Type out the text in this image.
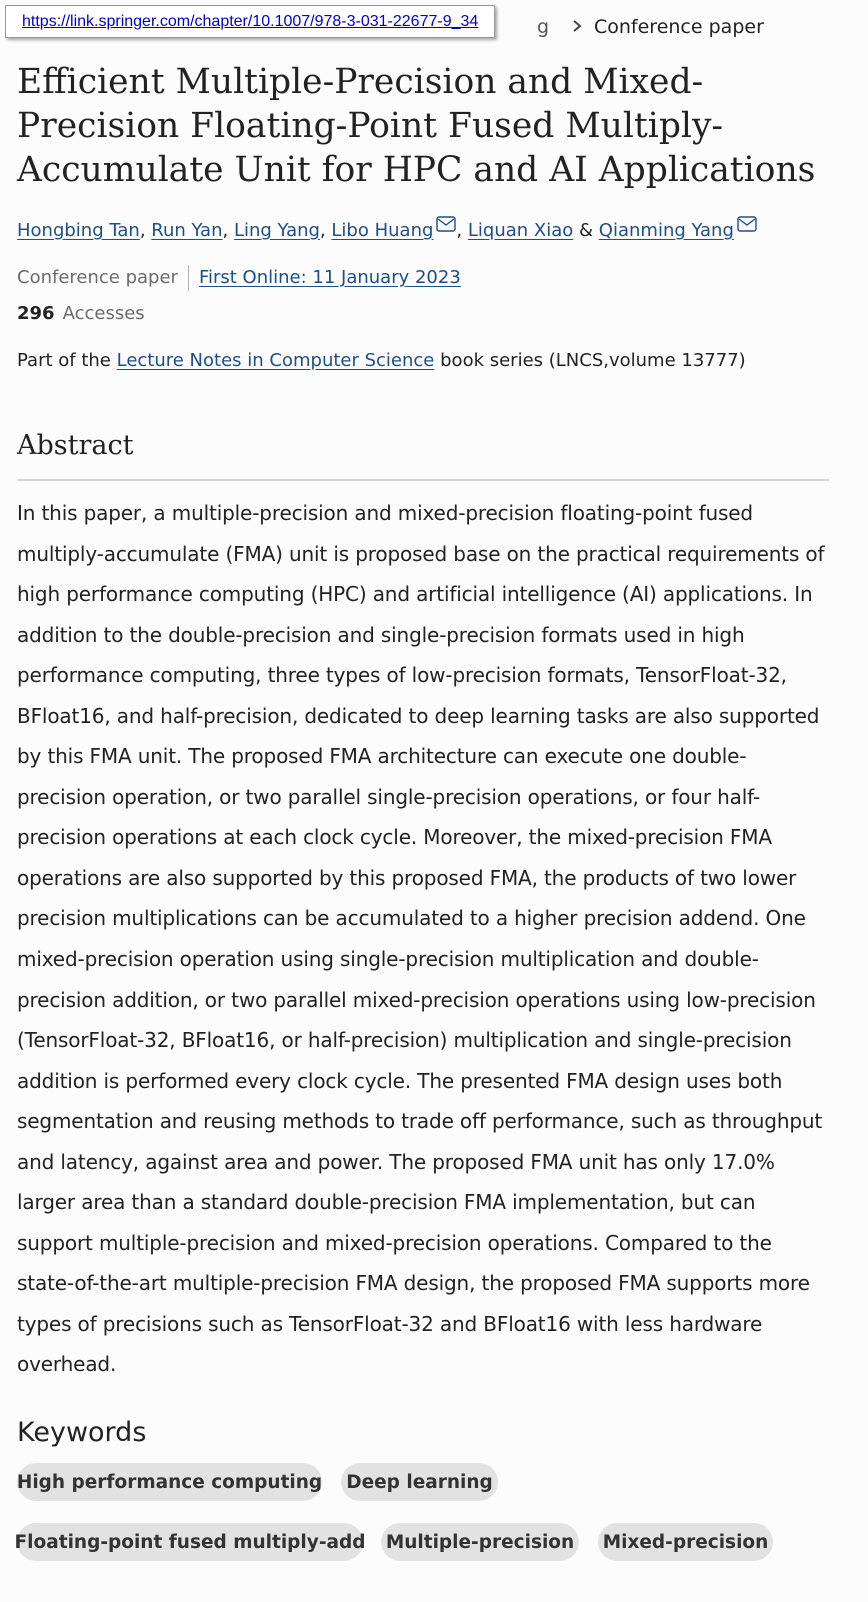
https://link.springer.com/chapter/10.1007/978-3-031-22677-9_34	g Conference paper
Efficient Multiple-Precision and Mixed-Precision Floating-Point Fused Multiply-Accumulate Unit for HPC and AI Applications
Hongbing Tan, Run Yan, Ling Yang, Libo Huang , Liquan Xiao & Qianming Yang
Conference paper First Online: 11 January 2023
296 Accesses
Part of the Lecture Notes in Computer Science book series (LNCS,volume 13777)
Abstract

In this paper, a multiple-precision and mixed-precision floating-point fused multiply-accumulate (FMA) unit is proposed base on the practical requirements of high performance computing (HPC) and artificial intelligence (AI) applications. In addition to the double-precision and single-precision formats used in high performance computing, three types of low-precision formats, TensorFloat-32, BFloat16, and half-precision, dedicated to deep learning tasks are also supported by this FMA unit. The proposed FMA architecture can execute one double-precision operation, or two parallel single-precision operations, or four half-precision operations at each clock cycle. Moreover, the mixed-precision FMA operations are also supported by this proposed FMA, the products of two lower precision multiplications can be accumulated to a higher precision addend. One mixed-precision operation using single-precision multiplication and double-precision addition, or two parallel mixed-precision operations using low-precision (TensorFloat-32, BFloat16, or half-precision) multiplication and single-precision addition is performed every clock cycle. The presented FMA design uses both segmentation and reusing methods to trade off performance, such as throughput and latency, against area and power. The proposed FMA unit has only 17.0% larger area than a standard double-precision FMA implementation, but can support multiple-precision and mixed-precision operations. Compared to the state-of-the-art multiple-precision FMA design, the proposed FMA supports more types of precisions such as TensorFloat-32 and BFloat16 with less hardware overhead.

Keywords
High performance computing Deep learning
Floating-point fused multiply-add Multiple-precision Mixed-precision
